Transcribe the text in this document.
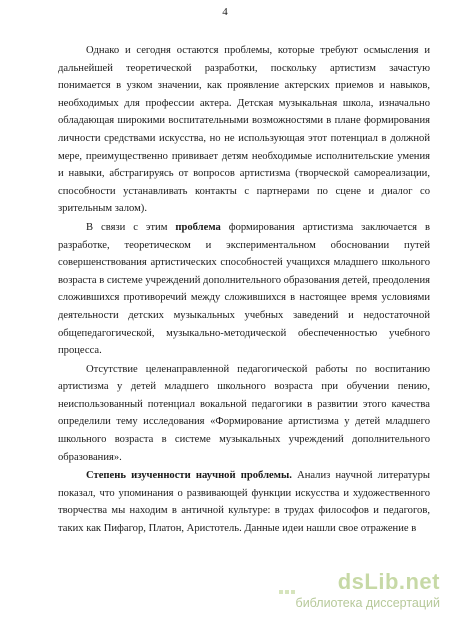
4

Однако и сегодня остаются проблемы, которые требуют осмысления и дальнейшей теоретической разработки, поскольку артистизм зачастую понимается в узком значении, как проявление актерских приемов и навыков, необходимых для профессии актера. Детская музыкальная школа, изначально обладающая широкими воспитательными возможностями в плане формирования личности средствами искусства, но не использующая этот потенциал в должной мере, преимущественно прививает детям необходимые исполнительские умения и навыки, абстрагируясь от вопросов артистизма (творческой самореализации, способности устанавливать контакты с партнерами по сцене и диалог со зрительным залом).

В связи с этим проблема формирования артистизма заключается в разработке, теоретическом и экспериментальном обосновании путей совершенствования артистических способностей учащихся младшего школьного возраста в системе учреждений дополнительного образования детей, преодоления сложившихся противоречий между сложившихся в настоящее время условиями деятельности детских музыкальных учебных заведений и недостаточной общепедагогической, музыкально-методической обеспеченностью учебного процесса.

Отсутствие целенаправленной педагогической работы по воспитанию артистизма у детей младшего школьного возраста при обучении пению, неиспользованный потенциал вокальной педагогики в развитии этого качества определили тему исследования «Формирование артистизма у детей младшего школьного возраста в системе музыкальных учреждений дополнительного образования».

Степень изученности научной проблемы. Анализ научной литературы показал, что упоминания о развивающей функции искусства и художественного творчества мы находим в античной культуре: в трудах философов и педагогов, таких как Пифагор, Платон, Аристотель. Данные идеи нашли свое отражение в

dsLib.net
библиотека диссертаций
